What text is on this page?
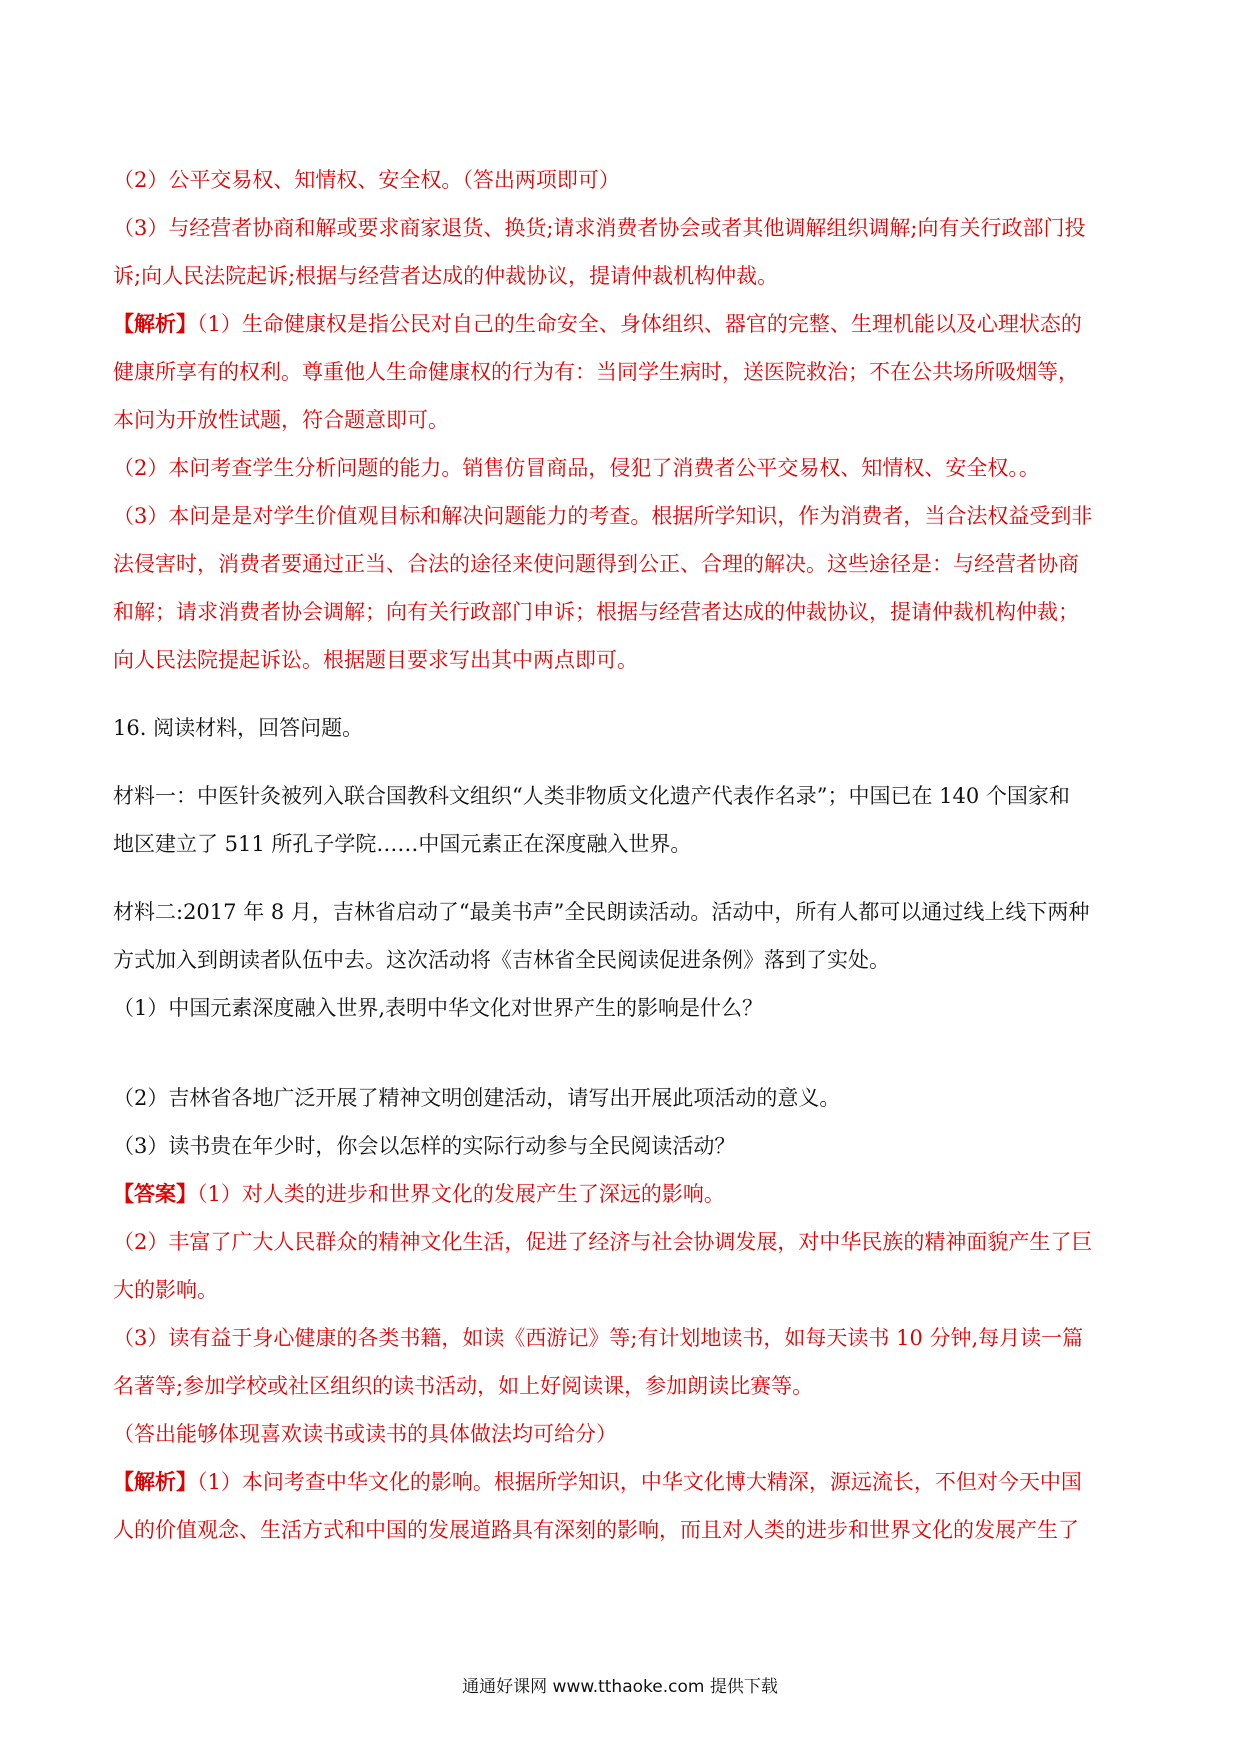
（2）公平交易权、知情权、安全权。（答出两项即可）

（3）与经营者协商和解或要求商家退货、换货;请求消费者协会或者其他调解组织调解;向有关行政部门投

诉;向人民法院起诉;根据与经营者达成的仲裁协议，提请仲裁机构仲裁。

【解析】（1）生命健康权是指公民对自己的生命安全、身体组织、器官的完整、生理机能以及心理状态的

健康所享有的权利。尊重他人生命健康权的行为有：当同学生病时，送医院救治；不在公共场所吸烟等，

本问为开放性试题，符合题意即可。

（2）本问考查学生分析问题的能力。销售仿冒商品，侵犯了消费者公平交易权、知情权、安全权。。

（3）本问是是对学生价值观目标和解决问题能力的考查。根据所学知识，作为消费者，当合法权益受到非

法侵害时，消费者要通过正当、合法的途径来使问题得到公正、合理的解决。这些途径是：与经营者协商

和解；请求消费者协会调解；向有关行政部门申诉；根据与经营者达成的仲裁协议，提请仲裁机构仲裁；

向人民法院提起诉讼。根据题目要求写出其中两点即可。

16. 阅读材料，回答问题。

材料一：中医针灸被列入联合国教科文组织“人类非物质文化遗产代表作名录”；中国已在 140 个国家和

地区建立了 511 所孔子学院……中国元素正在深度融入世界。

材料二:2017 年 8 月，吉林省启动了“最美书声”全民朗读活动。活动中，所有人都可以通过线上线下两种

方式加入到朗读者队伍中去。这次活动将《吉林省全民阅读促进条例》落到了实处。

（1）中国元素深度融入世界,表明中华文化对世界产生的影响是什么？

（2）吉林省各地广泛开展了精神文明创建活动，请写出开展此项活动的意义。

（3）读书贵在年少时，你会以怎样的实际行动参与全民阅读活动？

【答案】（1）对人类的进步和世界文化的发展产生了深远的影响。

（2）丰富了广大人民群众的精神文化生活，促进了经济与社会协调发展，对中华民族的精神面貌产生了巨

大的影响。

（3）读有益于身心健康的各类书籍，如读《西游记》等;有计划地读书，如每天读书 10 分钟,每月读一篇

名著等;参加学校或社区组织的读书活动，如上好阅读课，参加朗读比赛等。

（答出能够体现喜欢读书或读书的具体做法均可给分）

【解析】（1）本问考查中华文化的影响。根据所学知识，中华文化博大精深，源远流长，不但对今天中国

人的价值观念、生活方式和中国的发展道路具有深刻的影响，而且对人类的进步和世界文化的发展产生了

通通好课网 www.tthaoke.com 提供下载
